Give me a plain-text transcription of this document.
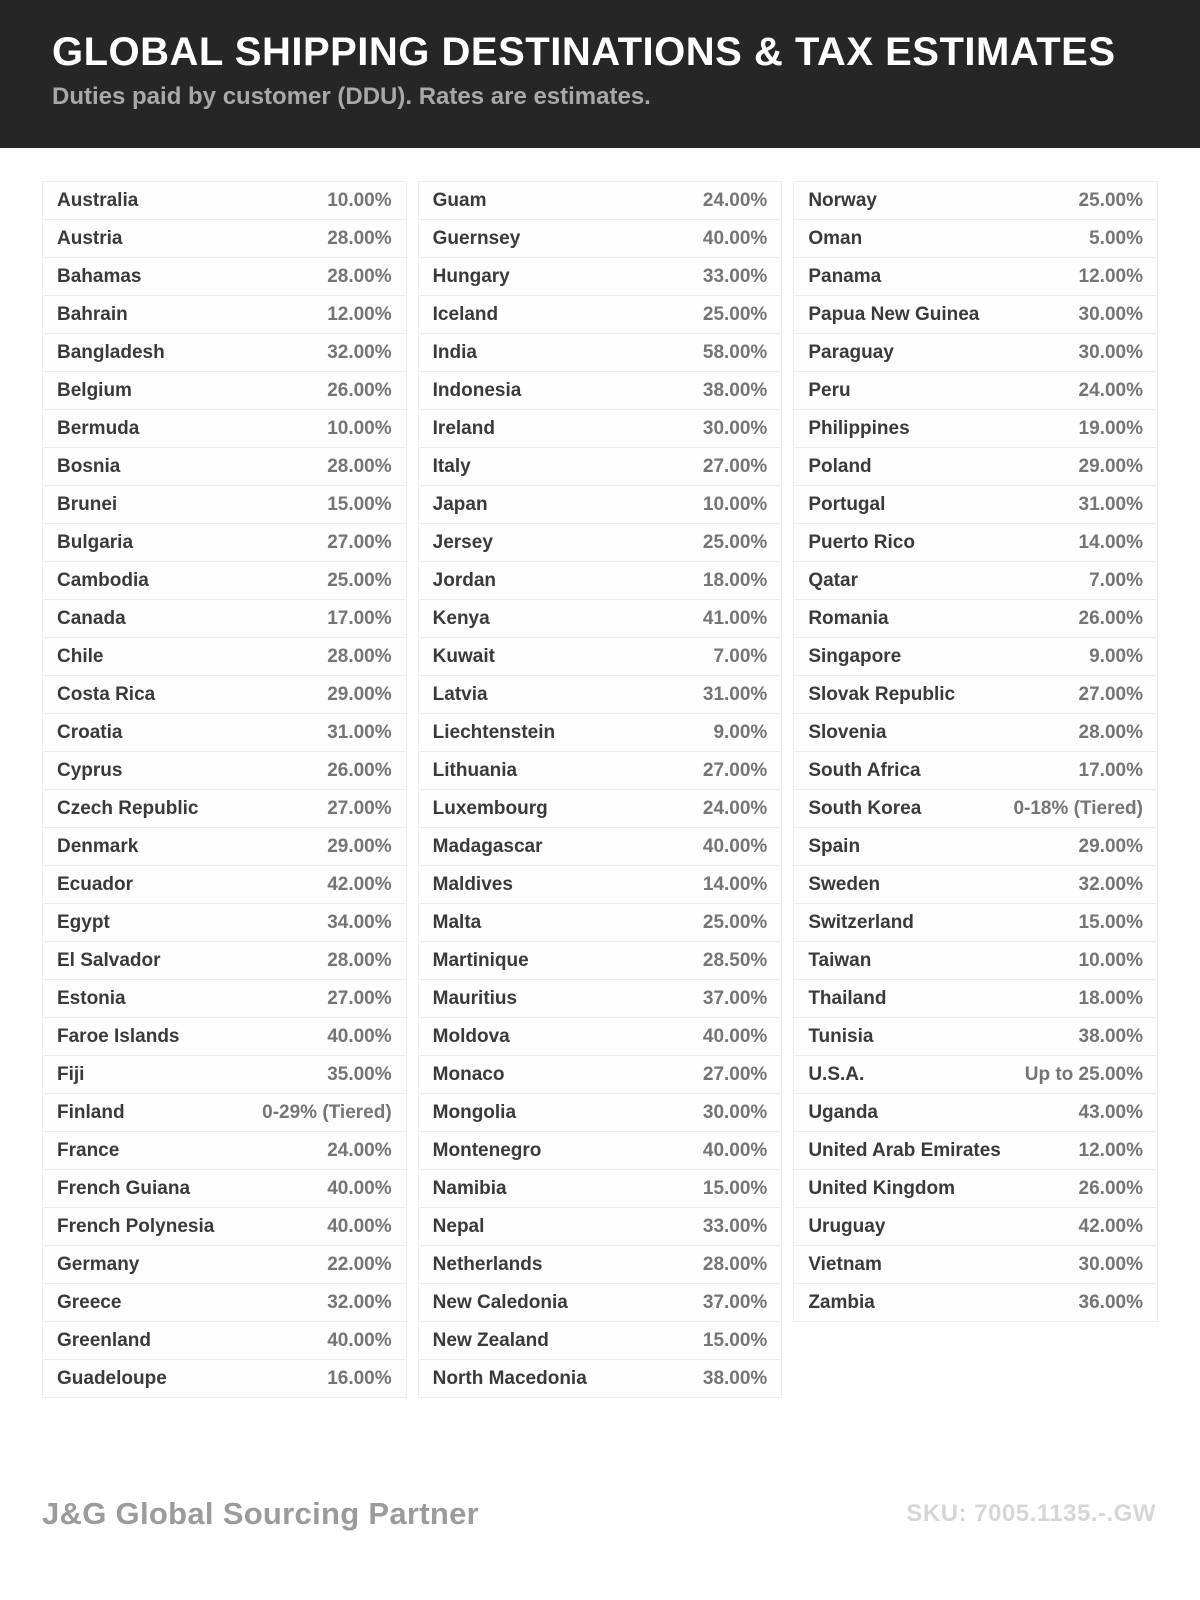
GLOBAL SHIPPING DESTINATIONS & TAX ESTIMATES
Duties paid by customer (DDU). Rates are estimates.
Australia	10.00%
Austria	28.00%
Bahamas	28.00%
Bahrain	12.00%
Bangladesh	32.00%
Belgium	26.00%
Bermuda	10.00%
Bosnia	28.00%
Brunei	15.00%
Bulgaria	27.00%
Cambodia	25.00%
Canada	17.00%
Chile	28.00%
Costa Rica	29.00%
Croatia	31.00%
Cyprus	26.00%
Czech Republic	27.00%
Denmark	29.00%
Ecuador	42.00%
Egypt	34.00%
El Salvador	28.00%
Estonia	27.00%
Faroe Islands	40.00%
Fiji	35.00%
Finland	0-29% (Tiered)
France	24.00%
French Guiana	40.00%
French Polynesia	40.00%
Germany	22.00%
Greece	32.00%
Greenland	40.00%
Guadeloupe	16.00%
Guam	24.00%
Guernsey	40.00%
Hungary	33.00%
Iceland	25.00%
India	58.00%
Indonesia	38.00%
Ireland	30.00%
Italy	27.00%
Japan	10.00%
Jersey	25.00%
Jordan	18.00%
Kenya	41.00%
Kuwait	7.00%
Latvia	31.00%
Liechtenstein	9.00%
Lithuania	27.00%
Luxembourg	24.00%
Madagascar	40.00%
Maldives	14.00%
Malta	25.00%
Martinique	28.50%
Mauritius	37.00%
Moldova	40.00%
Monaco	27.00%
Mongolia	30.00%
Montenegro	40.00%
Namibia	15.00%
Nepal	33.00%
Netherlands	28.00%
New Caledonia	37.00%
New Zealand	15.00%
North Macedonia	38.00%
Norway	25.00%
Oman	5.00%
Panama	12.00%
Papua New Guinea	30.00%
Paraguay	30.00%
Peru	24.00%
Philippines	19.00%
Poland	29.00%
Portugal	31.00%
Puerto Rico	14.00%
Qatar	7.00%
Romania	26.00%
Singapore	9.00%
Slovak Republic	27.00%
Slovenia	28.00%
South Africa	17.00%
South Korea	0-18% (Tiered)
Spain	29.00%
Sweden	32.00%
Switzerland	15.00%
Taiwan	10.00%
Thailand	18.00%
Tunisia	38.00%
U.S.A.	Up to 25.00%
Uganda	43.00%
United Arab Emirates	12.00%
United Kingdom	26.00%
Uruguay	42.00%
Vietnam	30.00%
Zambia	36.00%
J&G Global Sourcing Partner	SKU: 7005.1135.-.GW
